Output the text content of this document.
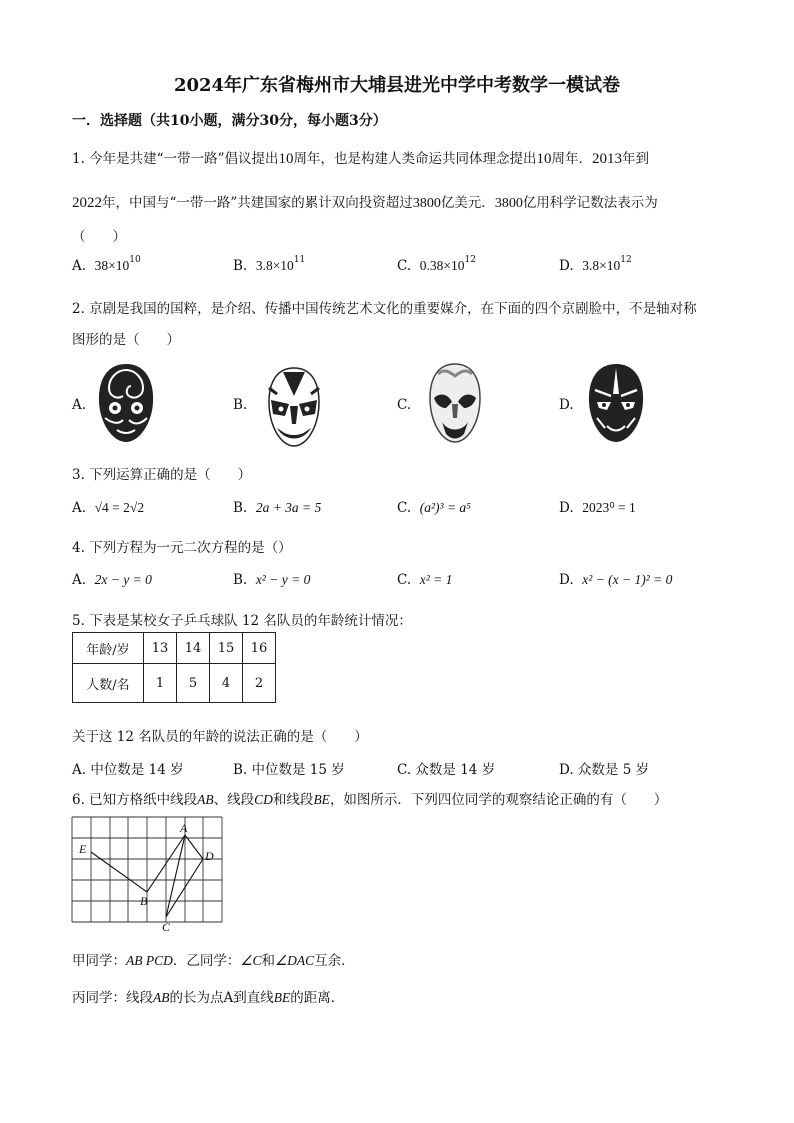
2024年广东省梅州市大埔县进光中学中考数学一模试卷
一．选择题（共10小题，满分30分，每小题3分）
1. 今年是共建“一带一路”倡议提出10周年，也是构建人类命运共同体理念提出10周年．2013年到
2022年，中国与“一带一路”共建国家的累计双向投资超过3800亿美元．3800亿用科学记数法表示为
（　　）
A. $38\times 10^{10}$	B. $3.8\times 10^{11}$	C. $0.38\times 10^{12}$	D. $3.8\times 10^{12}$
2. 京剧是我国的国粹，是介绍、传播中国传统艺术文化的重要媒介，在下面的四个京剧脸中，不是轴对称
图形的是（　　）
A.	B.	C.	D.
3. 下列运算正确的是（　　）
A. √4 = 2√2	B. 2a + 3a = 5	C. (a²)³ = a⁵	D. 2023⁰ = 1
4. 下列方程为一元二次方程的是（）
A. 2x − y = 0	B. x² − y = 0	C. x² = 1	D. x² − (x − 1)² = 0
5. 下表是某校女子乒乓球队 12 名队员的年龄统计情况：
年龄/岁	13	14	15	16
人数/名	1	5	4	2
关于这 12 名队员的年龄的说法正确的是（　　）
A. 中位数是 14 岁	B. 中位数是 15 岁	C. 众数是 14 岁	D. 众数是 5 岁
6. 已知方格纸中线段AB、线段CD和线段BE，如图所示．下列四位同学的观察结论正确的有（　　）
A
B
C
D
E
甲同学：AB PCD．乙同学：∠C和∠DAC互余．
丙同学：线段AB的长为点A到直线BE的距离．
